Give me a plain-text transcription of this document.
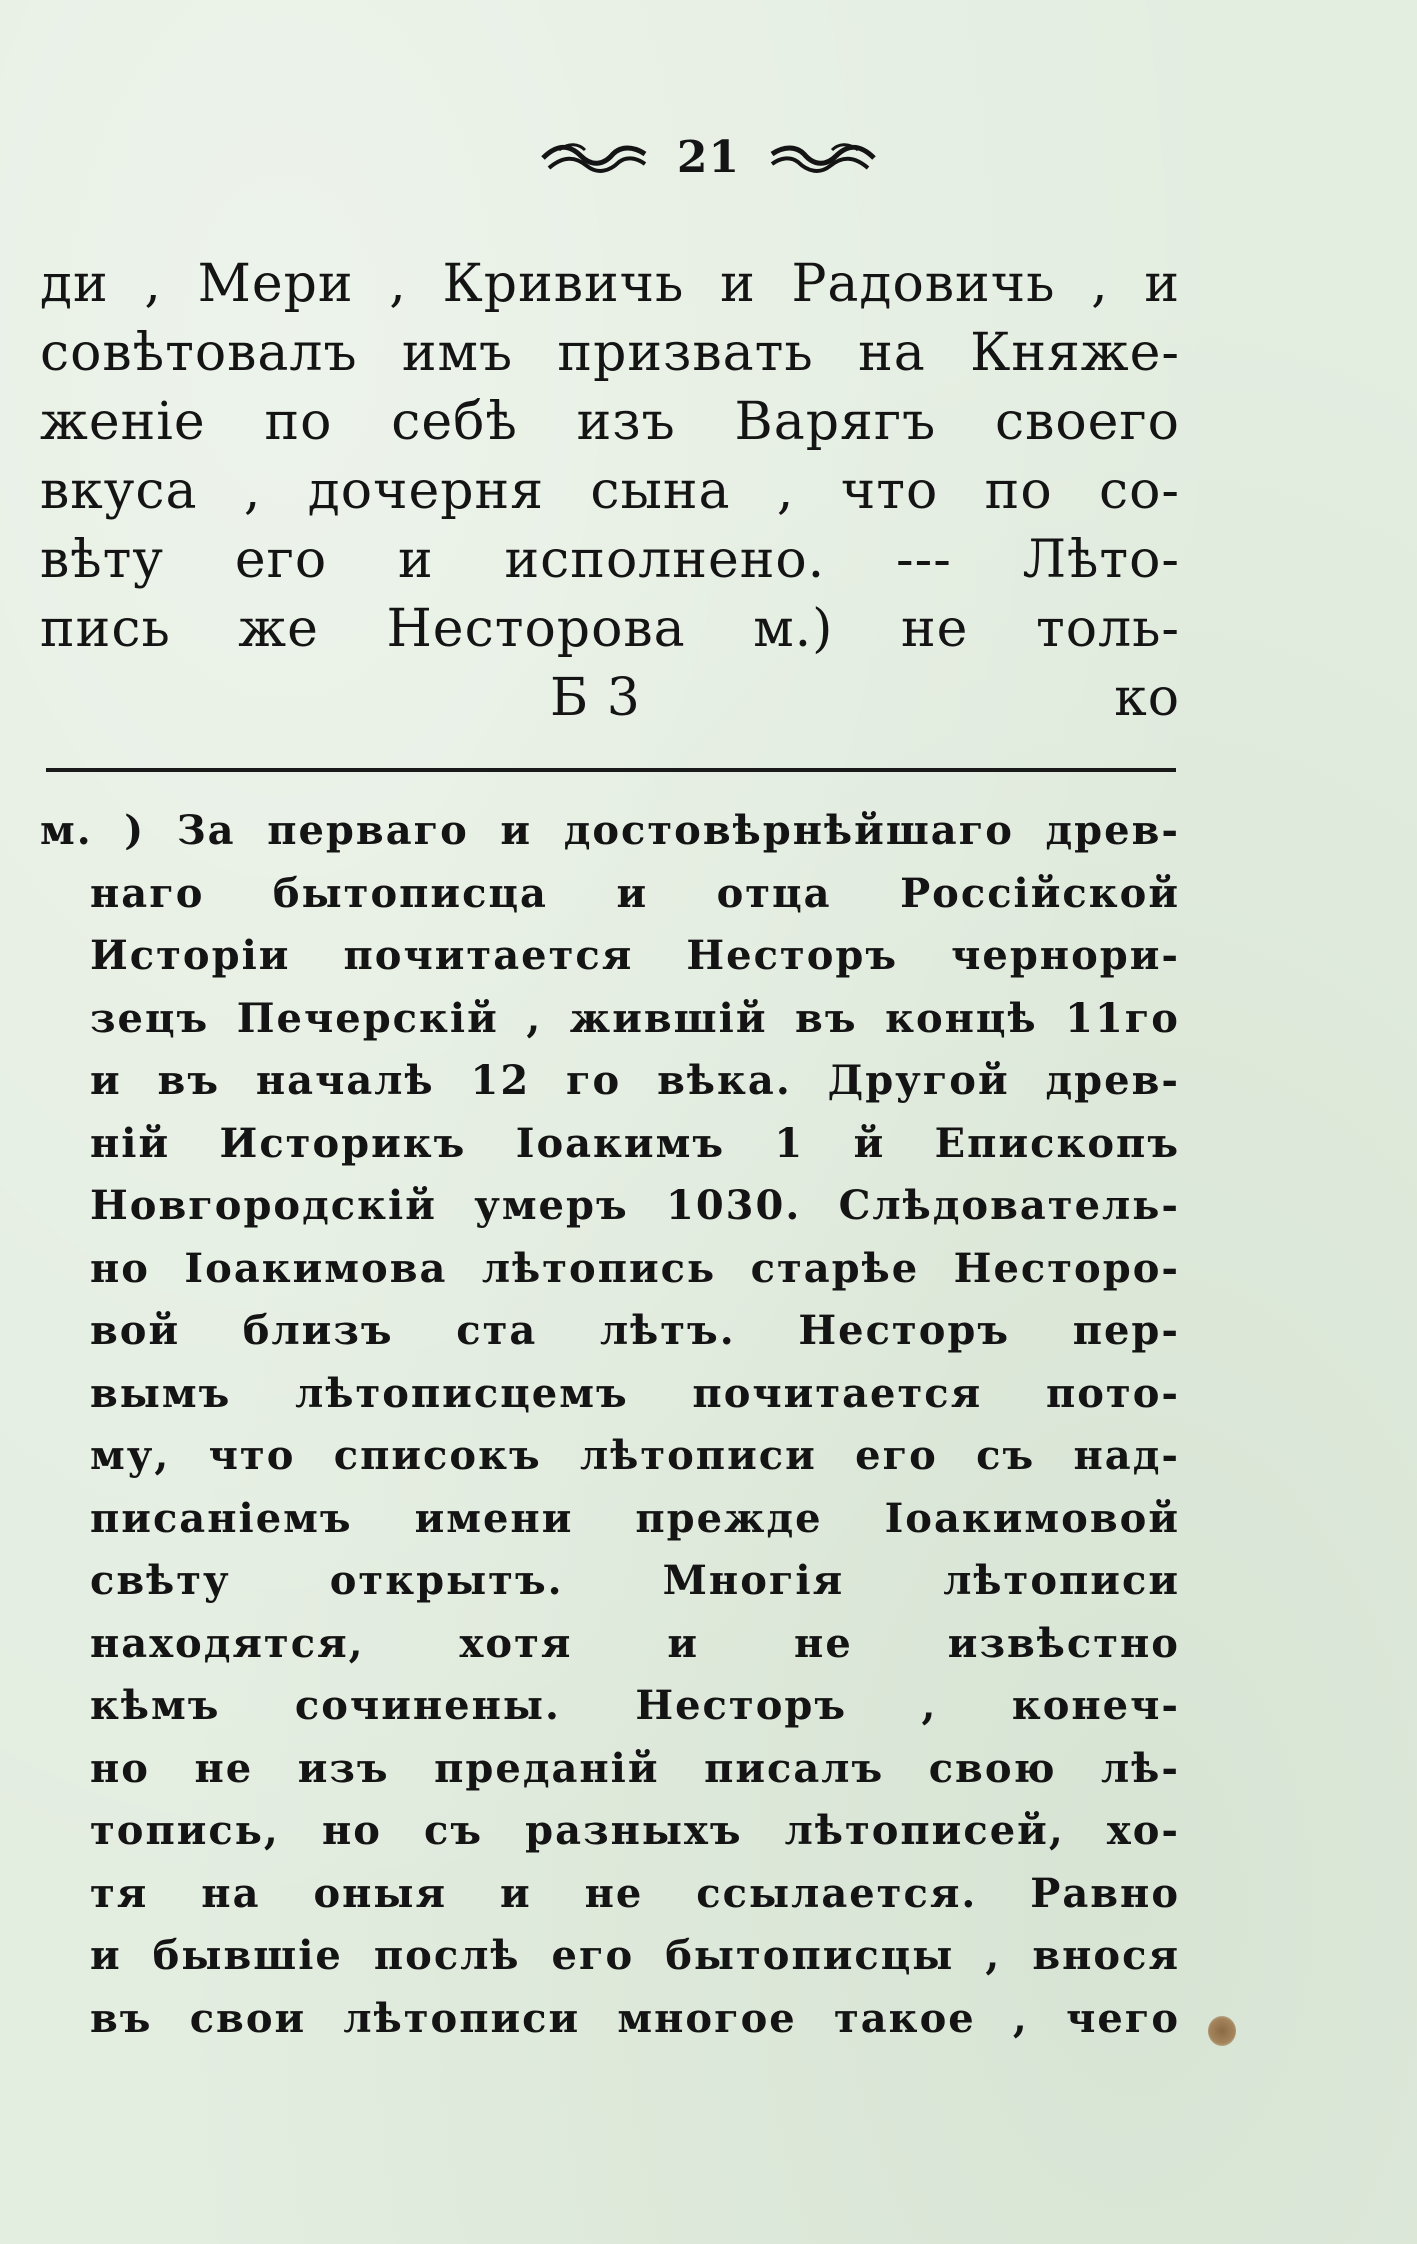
21
ди , Мери , Кривичь и Радовичь , и
совѣтовалъ имъ призвать на Княже-
женіе по себѣ изъ Варягъ своего
вкуса , дочерня сына , что по со-
вѣту его и исполнено. --- Лѣто-
пись же Несторова м.) не толь-
Б 3	ко
м. ) За перваго и достовѣрнѣйшаго древ-
наго бытописца и отца Россійской
Исторіи почитается Несторъ чернори-
зецъ Печерскій , жившій въ концѣ 11го
и въ началѣ 12 го вѣка. Другой древ-
ній Историкъ Іоакимъ 1 й Епископъ
Новгородскій умеръ 1030. Слѣдователь-
но Іоакимова лѣтопись старѣе Несторо-
вой близъ ста лѣтъ. Несторъ пер-
вымъ лѣтописцемъ почитается пото-
му, что списокъ лѣтописи его съ над-
писаніемъ имени прежде Іоакимовой
свѣту открытъ. Многія лѣтописи
находятся, хотя и не извѣстно
кѣмъ сочинены. Несторъ , конеч-
но не изъ преданій писалъ свою лѣ-
топись, но съ разныхъ лѣтописей, хо-
тя на оныя и не ссылается. Равно
и бывшіе послѣ его бытописцы , внося
въ свои лѣтописи многое такое , чего
